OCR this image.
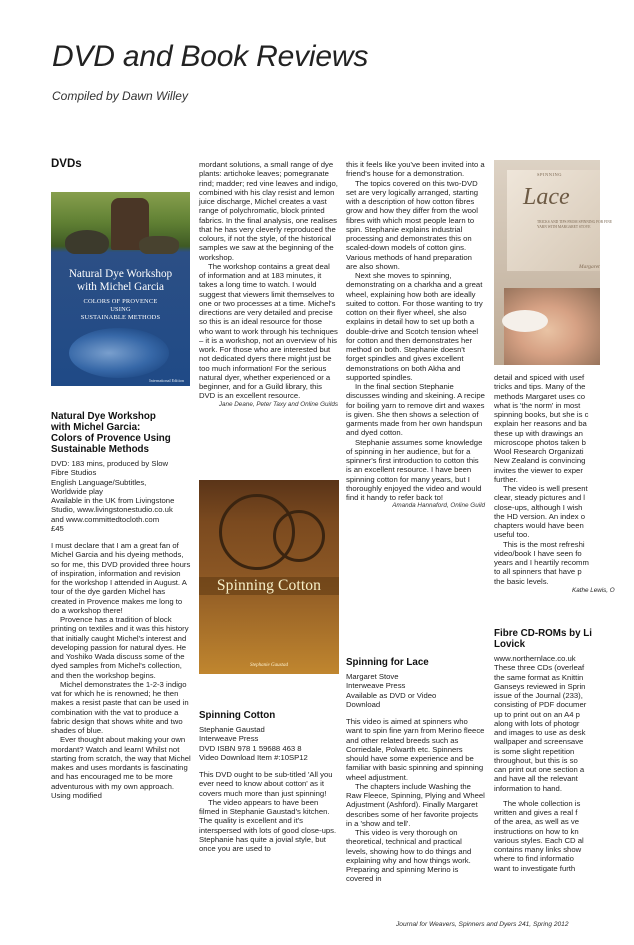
DVD and Book Reviews
Compiled by Dawn Willey

DVDs

Natural Dye Workshop
with Michel Garcia
COLORS OF PROVENCE
USING
SUSTAINABLE METHODS
International Edition

Natural Dye Workshop
with Michel Garcia:
Colors of Provence Using
Sustainable Methods

DVD: 183 mins, produced by Slow
Fibre Studios
English Language/Subtitles,
Worldwide play
Available in the UK from Livingstone
Studio, www.livingstonestudio.co.uk
and www.committedtocloth.com
£45

I must declare that I am a great fan of Michel Garcia and his dyeing methods, so for me, this DVD provided three hours of inspiration, information and revision for the workshop I attended in August. A tour of the dye garden Michel has created in Provence makes me long to do a workshop there!

Provence has a tradition of block printing on textiles and it was this history that initially caught Michel's interest and developing passion for natural dyes. He and Yoshiko Wada discuss some of the dyed samples from Michel's collection, and then the workshop begins.

Michel demonstrates the 1-2-3 indigo vat for which he is renowned; he then makes a resist paste that can be used in combination with the vat to produce a fabric design that shows white and two shades of blue.

Ever thought about making your own mordant? Watch and learn! Whilst not starting from scratch, the way that Michel makes and uses mordants is fascinating and has encouraged me to be more adventurous with my own approach. Using modified

mordant solutions, a small range of dye plants: artichoke leaves; pomegranate rind; madder; red vine leaves and indigo, combined with his clay resist and lemon juice discharge, Michel creates a vast range of polychromatic, block printed fabrics. In the final analysis, one realises that he has very cleverly reproduced the colours, if not the style, of the historical samples we saw at the beginning of the workshop.

The workshop contains a great deal of information and at 183 minutes, it takes a long time to watch. I would suggest that viewers limit themselves to one or two processes at a time. Michel's directions are very detailed and precise so this is an ideal resource for those who want to work through his techniques – it is a workshop, not an overview of his work. For those who are interested but not dedicated dyers there might just be too much information! For the serious natural dyer, whether experienced or a beginner, and for a Guild library, this DVD is an excellent resource.

Jane Deane, Peter Taxy and Online Guilds

Spinning Cotton
Stephanie Gaustad

Spinning Cotton

Stephanie Gaustad
Interweave Press
DVD ISBN 978 1 59688 463 8
Video Download Item #:10SP12

This DVD ought to be sub-titled 'All you ever need to know about cotton' as it covers much more than just spinning!

The video appears to have been filmed in Stephanie Gaustad's kitchen. The quality is excellent and it's interspersed with lots of good close-ups. Stephanie has quite a jovial style, but once you are used to

this it feels like you've been invited into a friend's house for a demonstration.

The topics covered on this two-DVD set are very logically arranged, starting with a description of how cotton fibres grow and how they differ from the wool fibres with which most people learn to spin. Stephanie explains industrial processing and demonstrates this on scaled-down models of cotton gins. Various methods of hand preparation are also shown.

Next she moves to spinning, demonstrating on a charkha and a great wheel, explaining how both are ideally suited to cotton. For those wanting to try cotton on their flyer wheel, she also explains in detail how to set up both a double-drive and Scotch tension wheel for cotton and then demonstrates her method on both. Stephanie doesn't forget spindles and gives excellent demonstrations on both Akha and supported spindles.

In the final section Stephanie discusses winding and skeining. A recipe for boiling yarn to remove dirt and waxes is given. She then shows a selection of garments made from her own handspun and dyed cotton.

Stephanie assumes some knowledge of spinning in her audience, but for a spinner's first introduction to cotton this is an excellent resource. I have been spinning cotton for many years, but I thoroughly enjoyed the video and would find it handy to refer back to!

Amanda Hannaford, Online Guild

Spinning for Lace

Margaret Stove
Interweave Press
Available as DVD or Video
Download

This video is aimed at spinners who want to spin fine yarn from Merino fleece and other related breeds such as Corriedale, Polwarth etc. Spinners should have some experience and be familiar with basic spinning and spinning wheel adjustment.

The chapters include Washing the Raw Fleece, Spinning, Plying and Wheel Adjustment (Ashford). Finally Margaret describes some of her favorite projects in a 'show and tell'.

This video is very thorough on theoretical, technical and practical levels, showing how to do things and explaining why and how things work. Preparing and spinning Merino is covered in

SPINNING
Lace
TRICKS AND TIPS FROM SPINNING FOR FINE YARN WITH MARGARET STOVE
Margaret

detail and spiced with usef
tricks and tips. Many of the
methods Margaret uses co
what is 'the norm' in most
spinning books, but she is c
explain her reasons and ba
these up with drawings an
microscope photos taken b
Wool Research Organizati
New Zealand is convincing
invites the viewer to exper
further.

The video is well present
clear, steady pictures and l
close-ups, although I wish
the HD version. An index o
chapters would have been
useful too.

This is the most refreshi
video/book I have seen fo
years and I heartily recomm
to all spinners that have p
the basic levels.

Kathe Lewis, O

Fibre CD-ROMs by Li
Lovick

www.northernlace.co.uk
These three CDs (overleaf
the same format as Knittin
Ganseys reviewed in Sprin
issue of the Journal (233),
consisting of PDF documer
up to print out on an A4 p
along with lots of photogr
and images to use as desk
wallpaper and screensave
is some slight repetition
throughout, but this is so
can print out one section a
and have all the relevant
information to hand.

The whole collection is
written and gives a real f
of the area, as well as ve
instructions on how to kn
various styles. Each CD al
contains many links show
where to find informatio
want to investigate furth

Journal for Weavers, Spinners and Dyers 241, Spring 2012
